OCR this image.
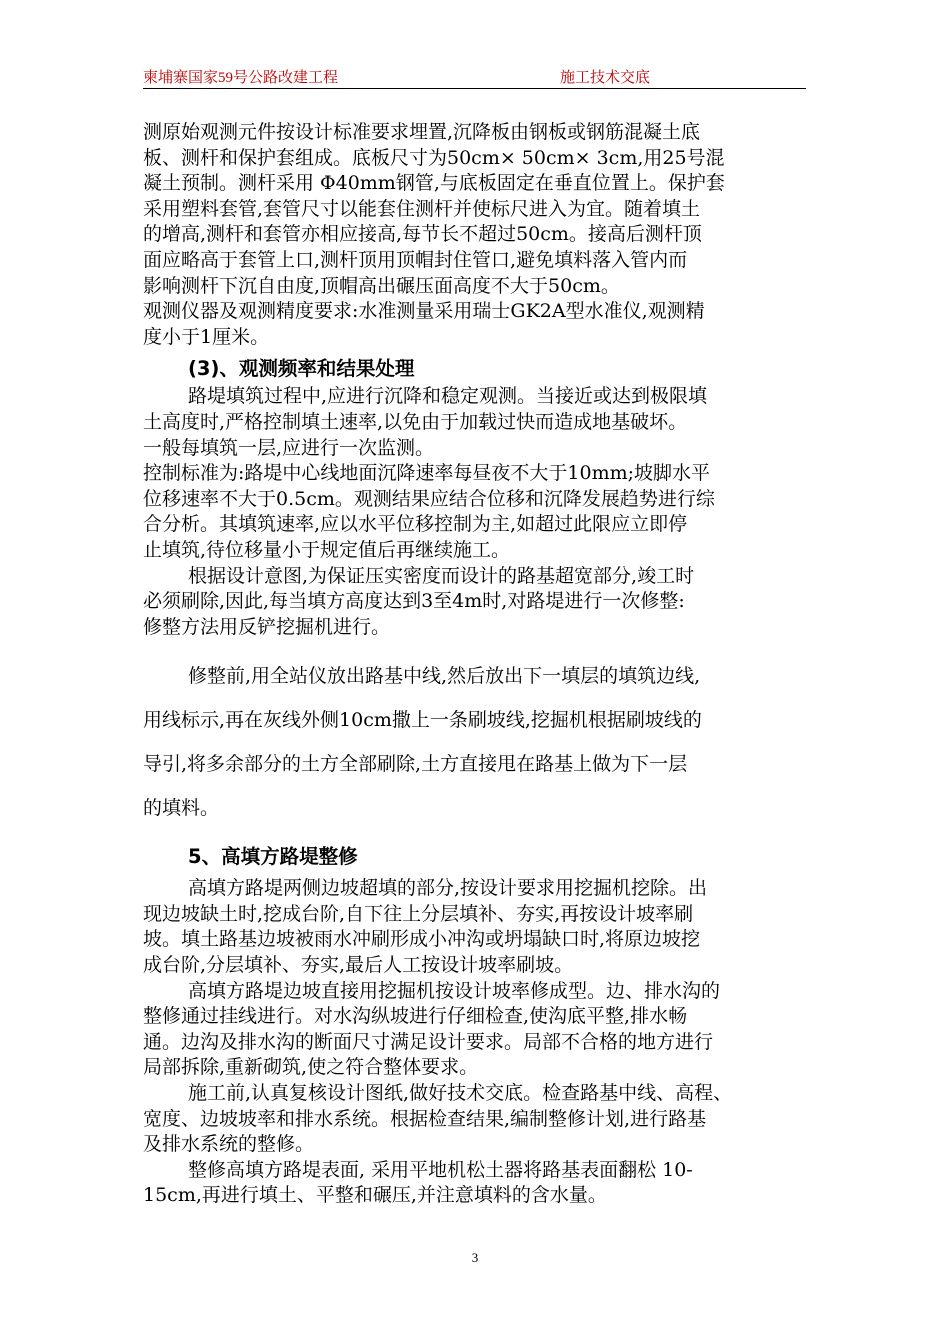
柬埔寨国家59号公路改建工程	施工技术交底

测原始观测元件按设计标准要求埋置,沉降板由钢板或钢筋混凝土底
板、测杆和保护套组成。底板尺寸为50cm× 50cm× 3cm,用25号混
凝土预制。测杆采用 Φ40mm钢管,与底板固定在垂直位置上。保护套
采用塑料套管,套管尺寸以能套住测杆并使标尺进入为宜。随着填土
的增高,测杆和套管亦相应接高,每节长不超过50cm。接高后测杆顶
面应略高于套管上口,测杆顶用顶帽封住管口,避免填料落入管内而
影响测杆下沉自由度,顶帽高出碾压面高度不大于50cm。

观测仪器及观测精度要求:水准测量采用瑞士GK2A型水准仪,观测精
度小于1厘米。

(3)、观测频率和结果处理

路堤填筑过程中,应进行沉降和稳定观测。当接近或达到极限填
土高度时,严格控制填土速率,以免由于加载过快而造成地基破坏。
一般每填筑一层,应进行一次监测。

控制标准为:路堤中心线地面沉降速率每昼夜不大于10mm;坡脚水平
位移速率不大于0.5cm。观测结果应结合位移和沉降发展趋势进行综
合分析。其填筑速率,应以水平位移控制为主,如超过此限应立即停
止填筑,待位移量小于规定值后再继续施工。

根据设计意图,为保证压实密度而设计的路基超宽部分,竣工时
必须刷除,因此,每当填方高度达到3至4m时,对路堤进行一次修整:
修整方法用反铲挖掘机进行。

修整前,用全站仪放出路基中线,然后放出下一填层的填筑边线,
用线标示,再在灰线外侧10cm撒上一条刷坡线,挖掘机根据刷坡线的
导引,将多余部分的土方全部刷除,土方直接甩在路基上做为下一层
的填料。

5、高填方路堤整修

高填方路堤两侧边坡超填的部分,按设计要求用挖掘机挖除。出
现边坡缺土时,挖成台阶,自下往上分层填补、夯实,再按设计坡率刷
坡。填土路基边坡被雨水冲刷形成小冲沟或坍塌缺口时,将原边坡挖
成台阶,分层填补、夯实,最后人工按设计坡率刷坡。

高填方路堤边坡直接用挖掘机按设计坡率修成型。边、排水沟的
整修通过挂线进行。对水沟纵坡进行仔细检查,使沟底平整,排水畅
通。边沟及排水沟的断面尺寸满足设计要求。局部不合格的地方进行
局部拆除,重新砌筑,使之符合整体要求。

施工前,认真复核设计图纸,做好技术交底。检查路基中线、高程、
宽度、边坡坡率和排水系统。根据检查结果,编制整修计划,进行路基
及排水系统的整修。

整修高填方路堤表面, 采用平地机松土器将路基表面翻松 10-
15cm,再进行填土、平整和碾压,并注意填料的含水量。

3
